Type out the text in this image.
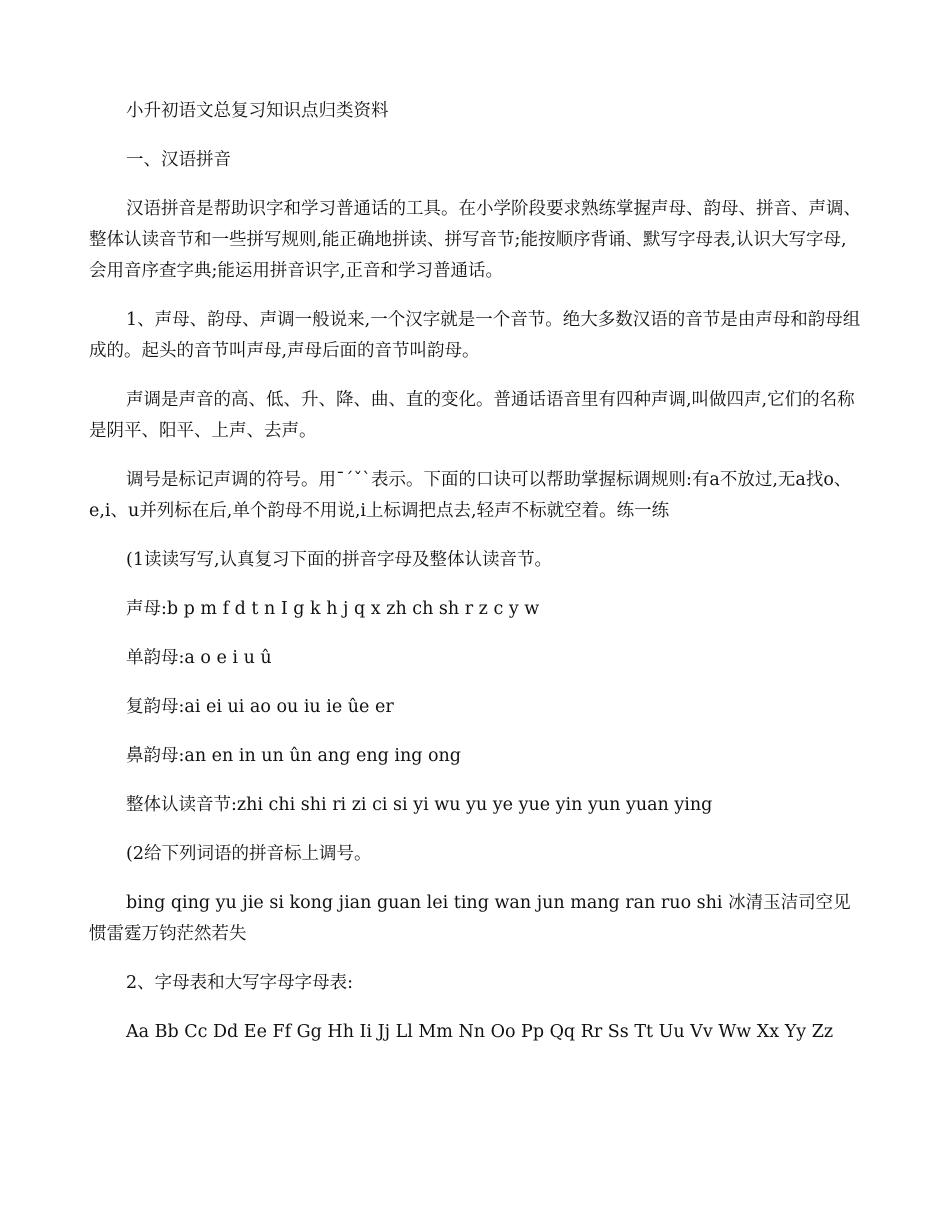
小升初语文总复习知识点归类资料

一、汉语拼音

汉语拼音是帮助识字和学习普通话的工具。在小学阶段要求熟练掌握声母、韵母、拼音、声调、整体认读音节和一些拼写规则,能正确地拼读、拼写音节;能按顺序背诵、默写字母表,认识大写字母,会用音序查字典;能运用拼音识字,正音和学习普通话。

1、声母、韵母、声调一般说来,一个汉字就是一个音节。绝大多数汉语的音节是由声母和韵母组成的。起头的音节叫声母,声母后面的音节叫韵母。

声调是声音的高、低、升、降、曲、直的变化。普通话语音里有四种声调,叫做四声,它们的名称是阴平、阳平、上声、去声。

调号是标记声调的符号。用ˉˊˇˋ表示。下面的口诀可以帮助掌握标调规则:有a不放过,无a找o、e,i、u并列标在后,单个韵母不用说,i上标调把点去,轻声不标就空着。练一练

(1读读写写,认真复习下面的拼音字母及整体认读音节。

声母:b p m f d t n I g k h j q x zh ch sh r z c y w

单韵母:a o e i u û

复韵母:ai ei ui ao ou iu ie ûe er

鼻韵母:an en in un ûn ang eng ing ong

整体认读音节:zhi chi shi ri zi ci si yi wu yu ye yue yin yun yuan ying

(2给下列词语的拼音标上调号。

bing qing yu jie si kong jian guan lei ting wan jun mang ran ruo shi 冰清玉洁司空见惯雷霆万钧茫然若失

2、字母表和大写字母字母表:

Aa Bb Cc Dd Ee Ff Gg Hh Ii Jj Ll Mm Nn Oo Pp Qq Rr Ss Tt Uu Vv Ww Xx Yy Zz
